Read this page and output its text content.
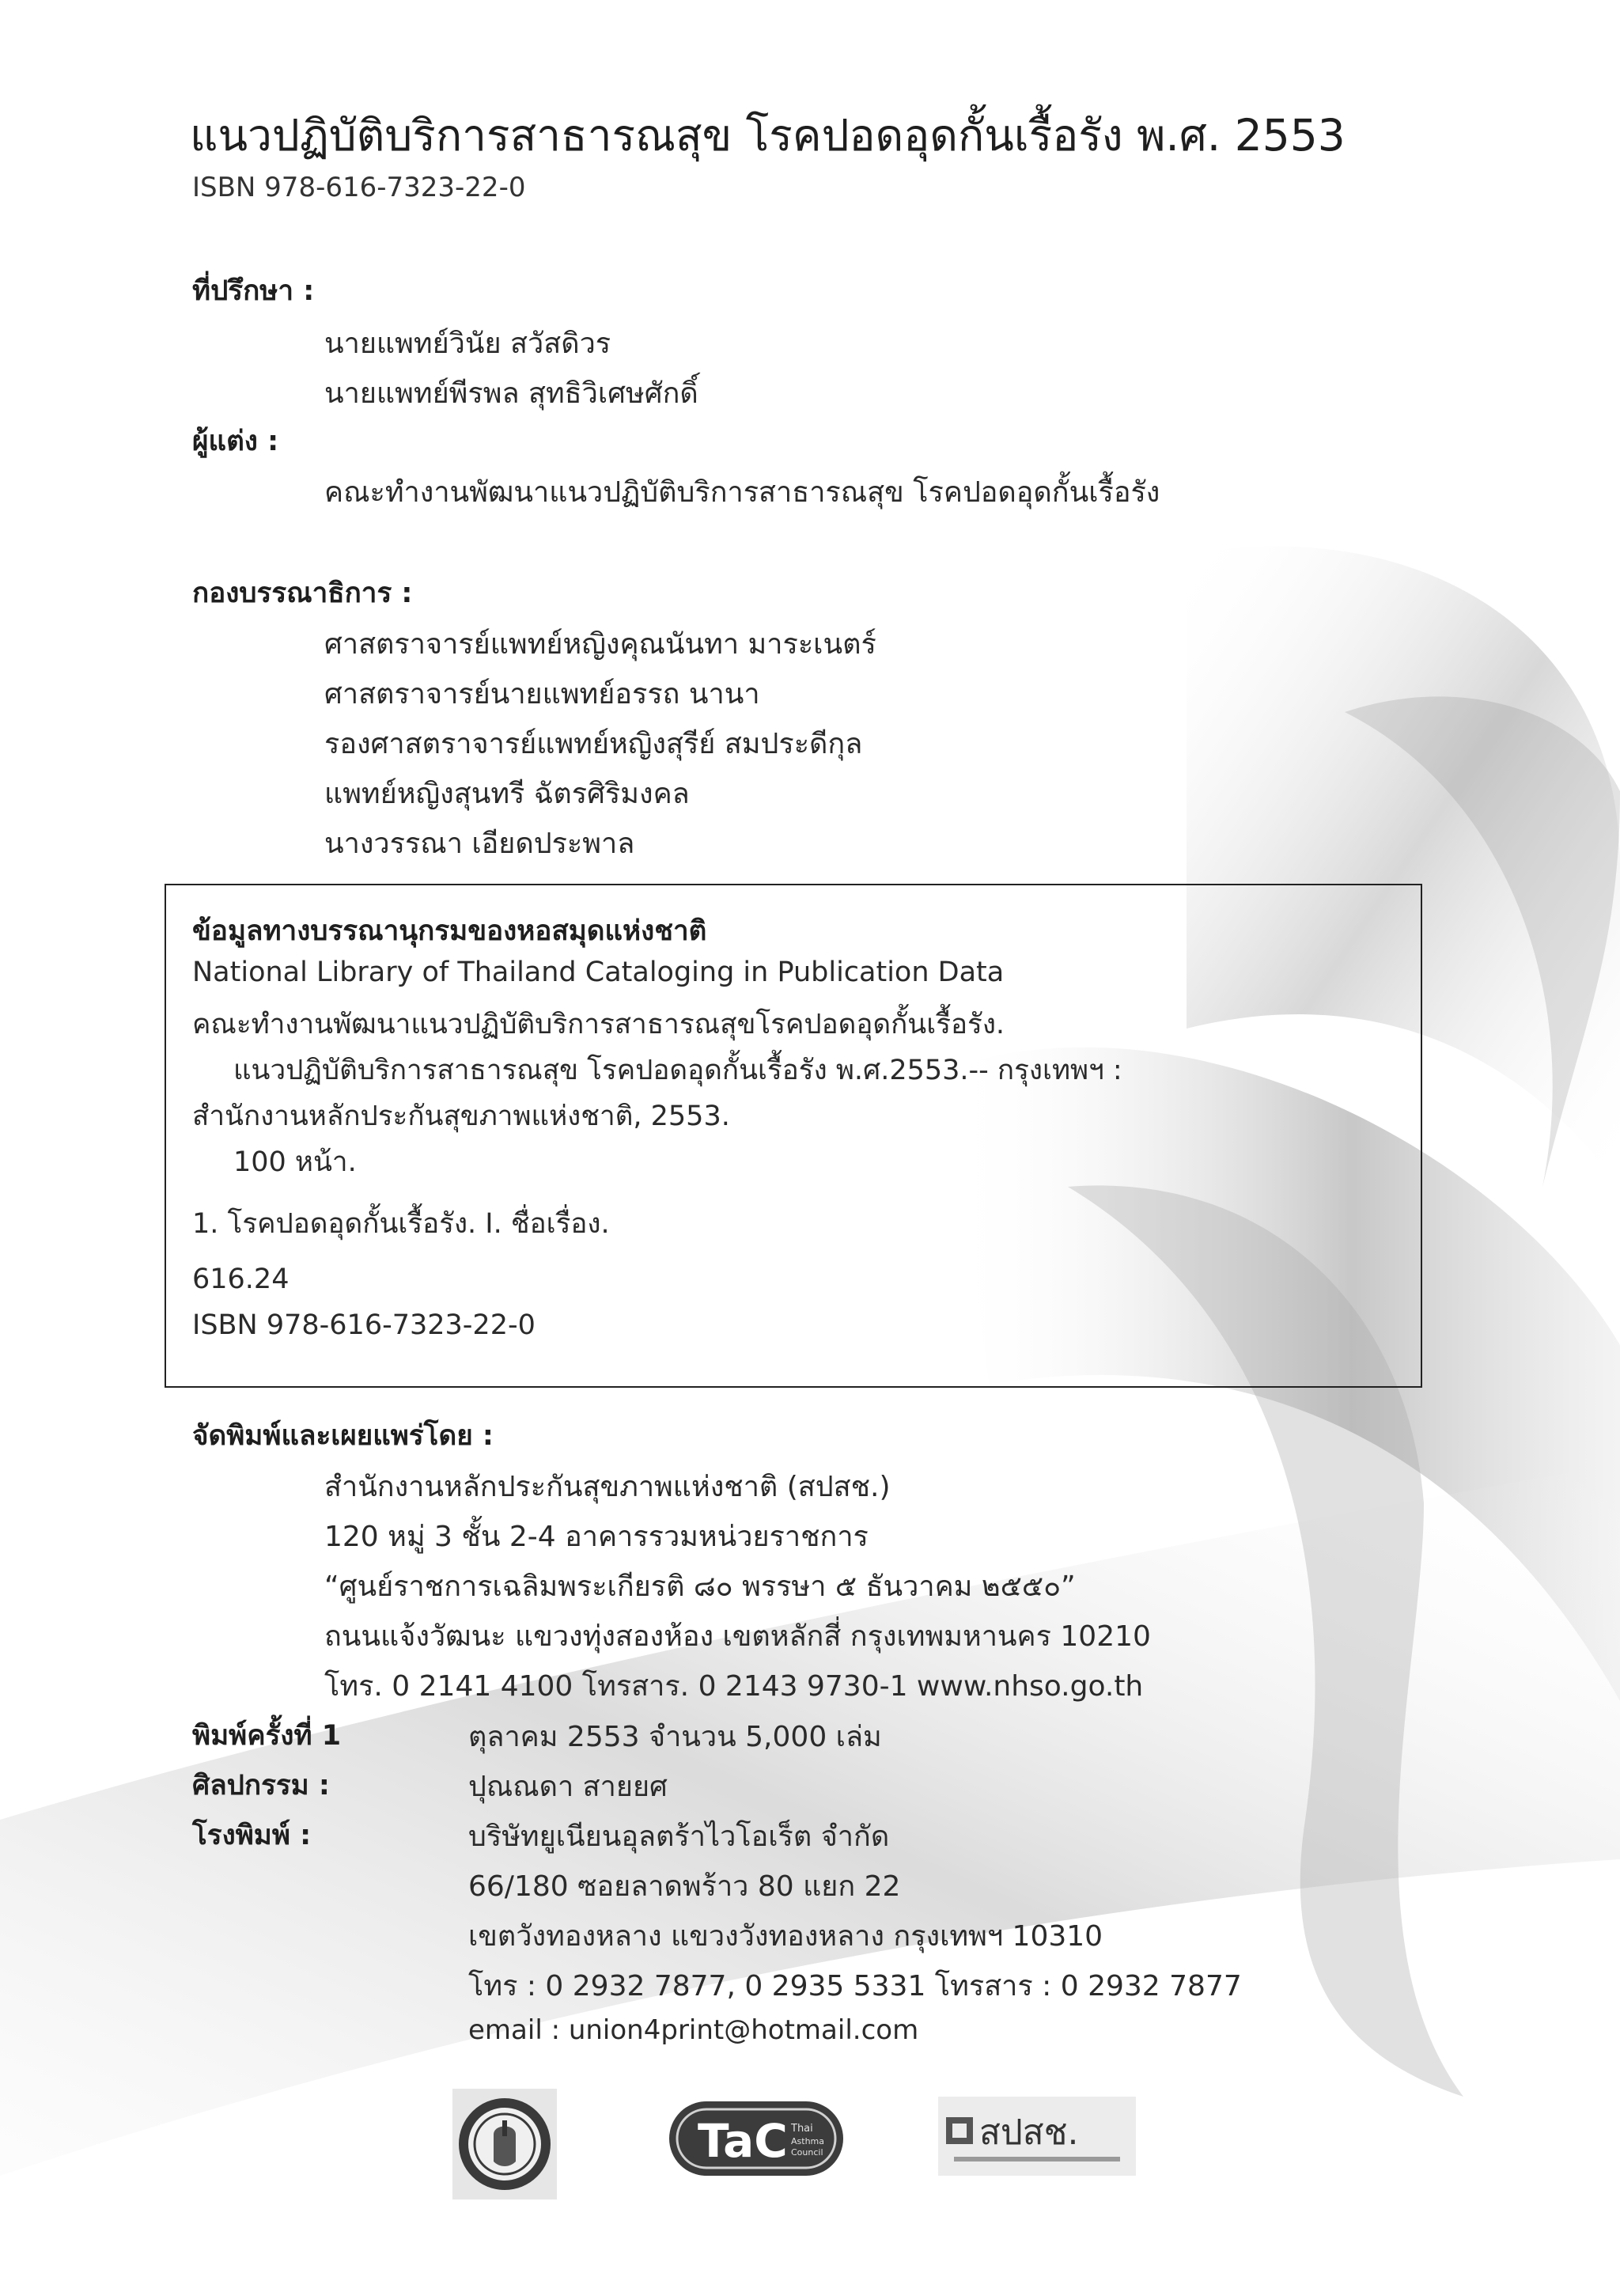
แนวปฏิบัติบริการสาธารณสุข โรคปอดอุดกั้นเรื้อรัง พ.ศ. 2553
ISBN 978-616-7323-22-0
ที่ปรึกษา :
นายแพทย์วินัย สวัสดิวร
นายแพทย์พีรพล สุทธิวิเศษศักดิ์
ผู้แต่ง :
คณะทำงานพัฒนาแนวปฏิบัติบริการสาธารณสุข โรคปอดอุดกั้นเรื้อรัง
กองบรรณาธิการ :
ศาสตราจารย์แพทย์หญิงคุณนันทา มาระเนตร์
ศาสตราจารย์นายแพทย์อรรถ นานา
รองศาสตราจารย์แพทย์หญิงสุรีย์ สมประดีกุล
แพทย์หญิงสุนทรี ฉัตรศิริมงคล
นางวรรณา เอียดประพาล
ข้อมูลทางบรรณานุกรมของหอสมุดแห่งชาติ
National Library of Thailand Cataloging in Publication Data
คณะทำงานพัฒนาแนวปฏิบัติบริการสาธารณสุขโรคปอดอุดกั้นเรื้อรัง.
แนวปฏิบัติบริการสาธารณสุข โรคปอดอุดกั้นเรื้อรัง พ.ศ.2553.-- กรุงเทพฯ :
สำนักงานหลักประกันสุขภาพแห่งชาติ, 2553.
100 หน้า.
1. โรคปอดอุดกั้นเรื้อรัง. I. ชื่อเรื่อง.
616.24
ISBN 978-616-7323-22-0
จัดพิมพ์และเผยแพร่โดย :
สำนักงานหลักประกันสุขภาพแห่งชาติ (สปสช.)
120 หมู่ 3 ชั้น 2-4 อาคารรวมหน่วยราชการ
“ศูนย์ราชการเฉลิมพระเกียรติ ๘๐ พรรษา ๕ ธันวาคม ๒๕๕๐”
ถนนแจ้งวัฒนะ แขวงทุ่งสองห้อง เขตหลักสี่ กรุงเทพมหานคร 10210
โทร. 0 2141 4100 โทรสาร. 0 2143 9730-1 www.nhso.go.th
พิมพ์ครั้งที่ 1	ตุลาคม 2553 จำนวน 5,000 เล่ม
ศิลปกรรม :	ปุณณดา สายยศ
โรงพิมพ์ :	บริษัทยูเนียนอุลตร้าไวโอเร็ต จำกัด
66/180 ซอยลาดพร้าว 80 แยก 22
เขตวังทองหลาง แขวงวังทองหลาง กรุงเทพฯ 10310
โทร : 0 2932 7877, 0 2935 5331 โทรสาร : 0 2932 7877
email : union4print@hotmail.com
TaC Thai
Asthma
Council	สปสช.
